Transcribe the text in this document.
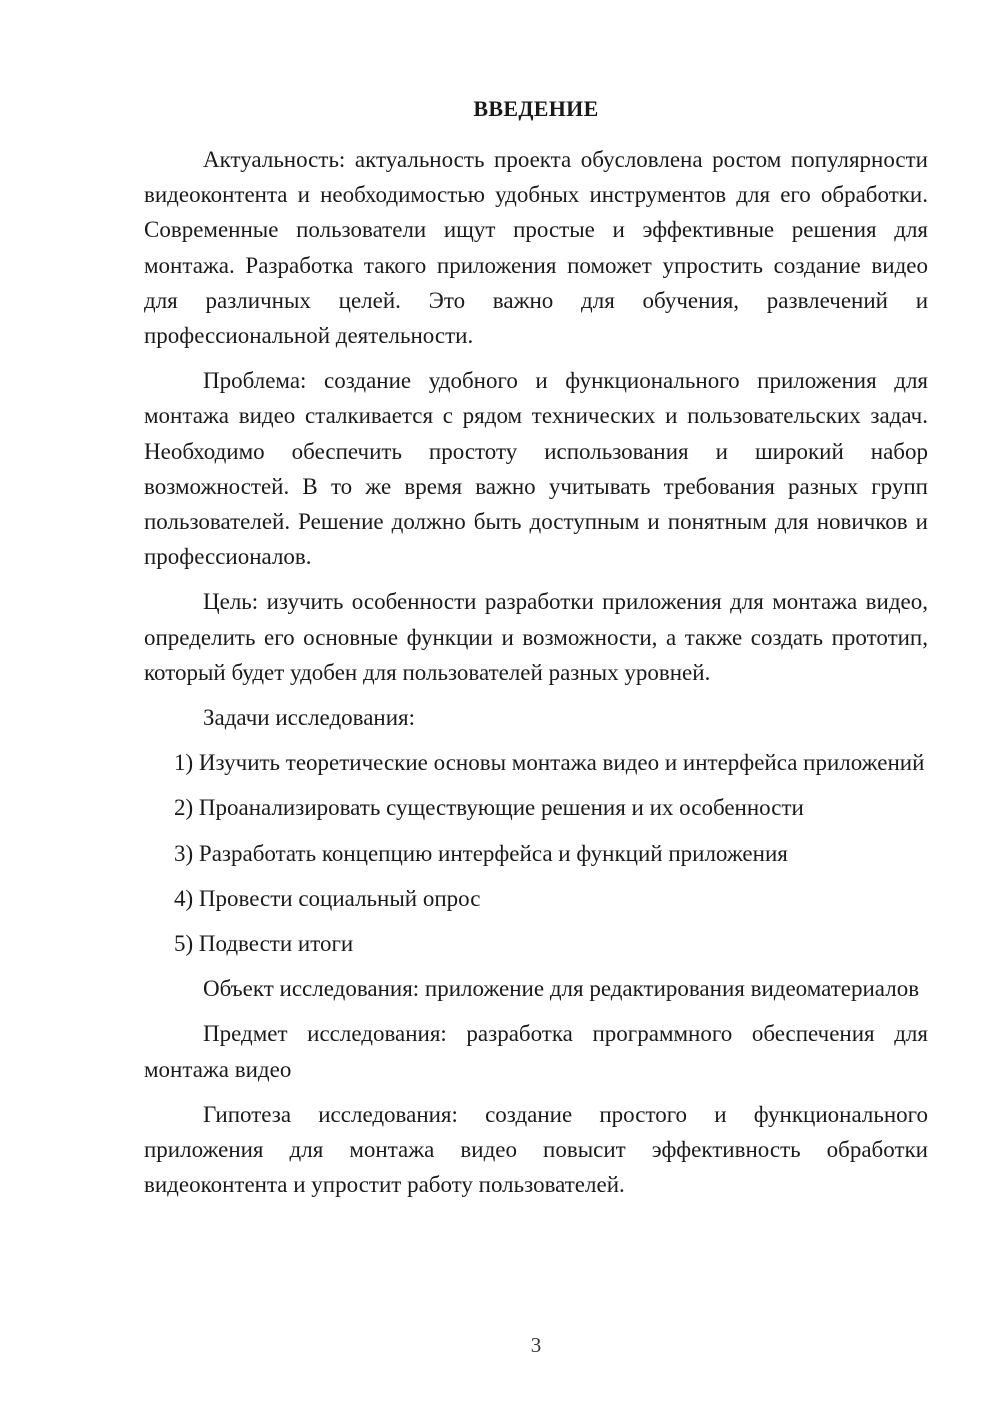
ВВЕДЕНИЕ

Актуальность: актуальность проекта обусловлена ростом популярности видеоконтента и необходимостью удобных инструментов для его обработки. Современные пользователи ищут простые и эффективные решения для монтажа. Разработка такого приложения поможет упростить создание видео для различных целей. Это важно для обучения, развлечений и профессиональной деятельности.

Проблема: создание удобного и функционального приложения для монтажа видео сталкивается с рядом технических и пользовательских задач. Необходимо обеспечить простоту использования и широкий набор возможностей. В то же время важно учитывать требования разных групп пользователей. Решение должно быть доступным и понятным для новичков и профессионалов.

Цель: изучить особенности разработки приложения для монтажа видео, определить его основные функции и возможности, а также создать прототип, который будет удобен для пользователей разных уровней.

Задачи исследования:

1) Изучить теоретические основы монтажа видео и интерфейса приложений

2) Проанализировать существующие решения и их особенности

3) Разработать концепцию интерфейса и функций приложения

4) Провести социальный опрос

5) Подвести итоги

Объект исследования: приложение для редактирования видеоматериалов

Предмет исследования: разработка программного обеспечения для монтажа видео

Гипотеза исследования: создание простого и функционального приложения для монтажа видео повысит эффективность обработки видеоконтента и упростит работу пользователей.

3
